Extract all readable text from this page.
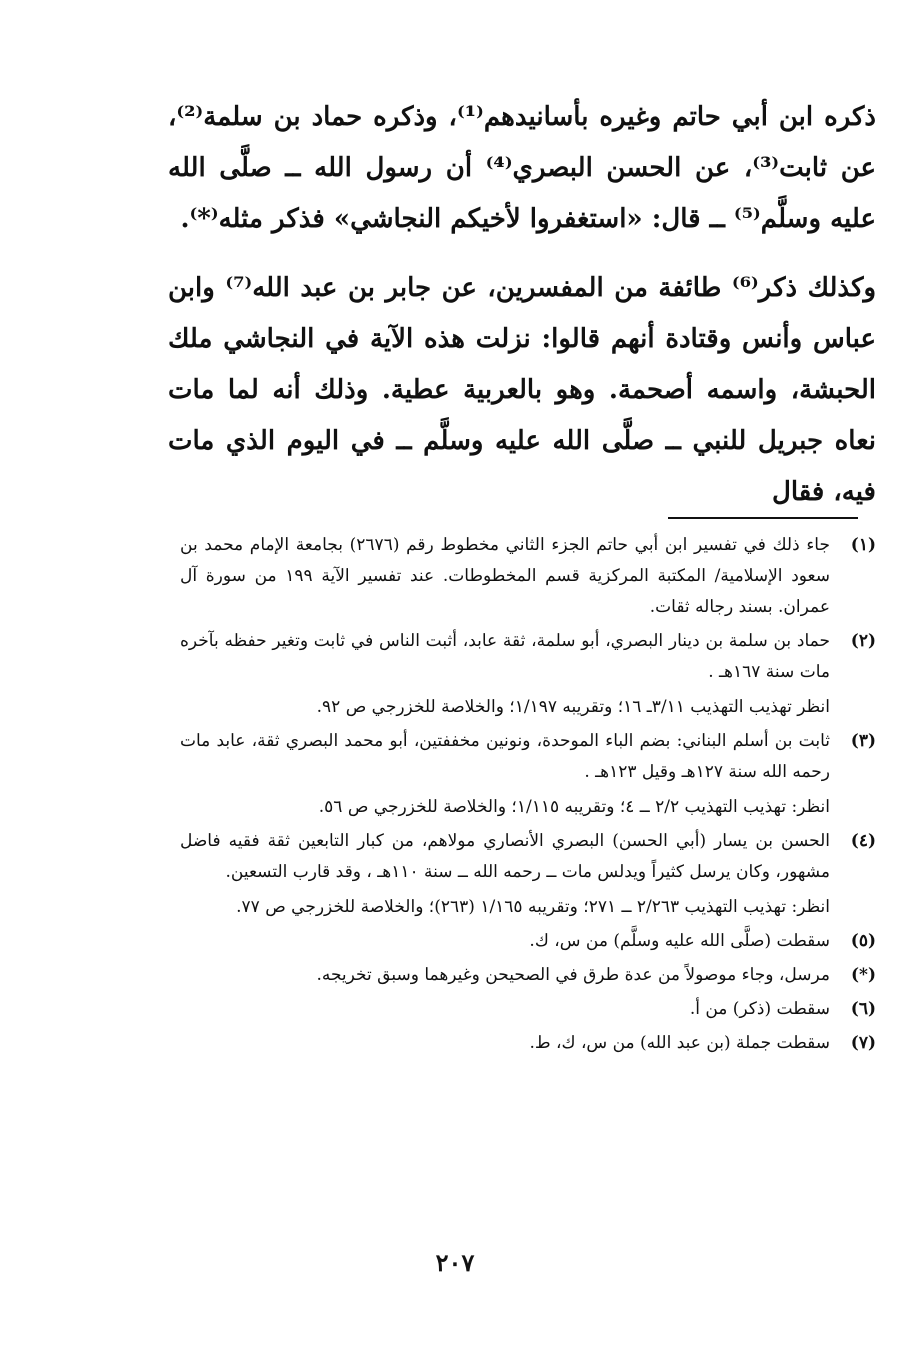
ذكره ابن أبي حاتم وغيره بأسانيدهم⁽¹⁾، وذكره حماد بن سلمة⁽²⁾، عن ثابت⁽³⁾، عن الحسن البصري⁽⁴⁾ أن رسول الله ــ صلَّى الله عليه وسلَّم⁽⁵⁾ ــ قال: «استغفروا لأخيكم النجاشي» فذكر مثله⁽*⁾.

وكذلك ذكر⁽⁶⁾ طائفة من المفسرين، عن جابر بن عبد الله⁽⁷⁾ وابن عباس وأنس وقتادة أنهم قالوا: نزلت هذه الآية في النجاشي ملك الحبشة، واسمه أصحمة. وهو بالعربية عطية. وذلك أنه لما مات نعاه جبريل للنبي ــ صلَّى الله عليه وسلَّم ــ في اليوم الذي مات فيه، فقال

(١)
جاء ذلك في تفسير ابن أبي حاتم الجزء الثاني مخطوط رقم (٢٦٧٦) بجامعة الإمام محمد بن سعود الإسلامية/ المكتبة المركزية قسم المخطوطات. عند تفسير الآية ١٩٩ من سورة آل عمران. بسند رجاله ثقات.
(٢)
حماد بن سلمة بن دينار البصري، أبو سلمة، ثقة عابد، أثبت الناس في ثابت وتغير حفظه بآخره مات سنة ١٦٧هـ .
انظر تهذيب التهذيب ٣/١١ـ ١٦؛ وتقريبه ١/١٩٧؛ والخلاصة للخزرجي ص ٩٢.
(٣)
ثابت بن أسلم البناني: بضم الباء الموحدة، ونونين مخففتين، أبو محمد البصري ثقة، عابد مات رحمه الله سنة ١٢٧هـ وقيل ١٢٣هـ .
انظر: تهذيب التهذيب ٢/٢ ــ ٤؛ وتقريبه ١/١١٥؛ والخلاصة للخزرجي ص ٥٦.
(٤)
الحسن بن يسار (أبي الحسن) البصري الأنصاري مولاهم، من كبار التابعين ثقة فقيه فاضل مشهور، وكان يرسل كثيراً ويدلس مات ــ رحمه الله ــ سنة ١١٠هـ ، وقد قارب التسعين.
انظر: تهذيب التهذيب ٢/٢٦٣ ــ ٢٧١؛ وتقريبه ١/١٦٥ (٢٦٣)؛ والخلاصة للخزرجي ص ٧٧.
(٥)
سقطت (صلَّى الله عليه وسلَّم) من س، ك.
(*)
مرسل، وجاء موصولاً من عدة طرق في الصحيحن وغيرهما وسبق تخريجه.
(٦)
سقطت (ذكر) من أ.
(٧)
سقطت جملة (بن عبد الله) من س، ك، ط.
٢٠٧
